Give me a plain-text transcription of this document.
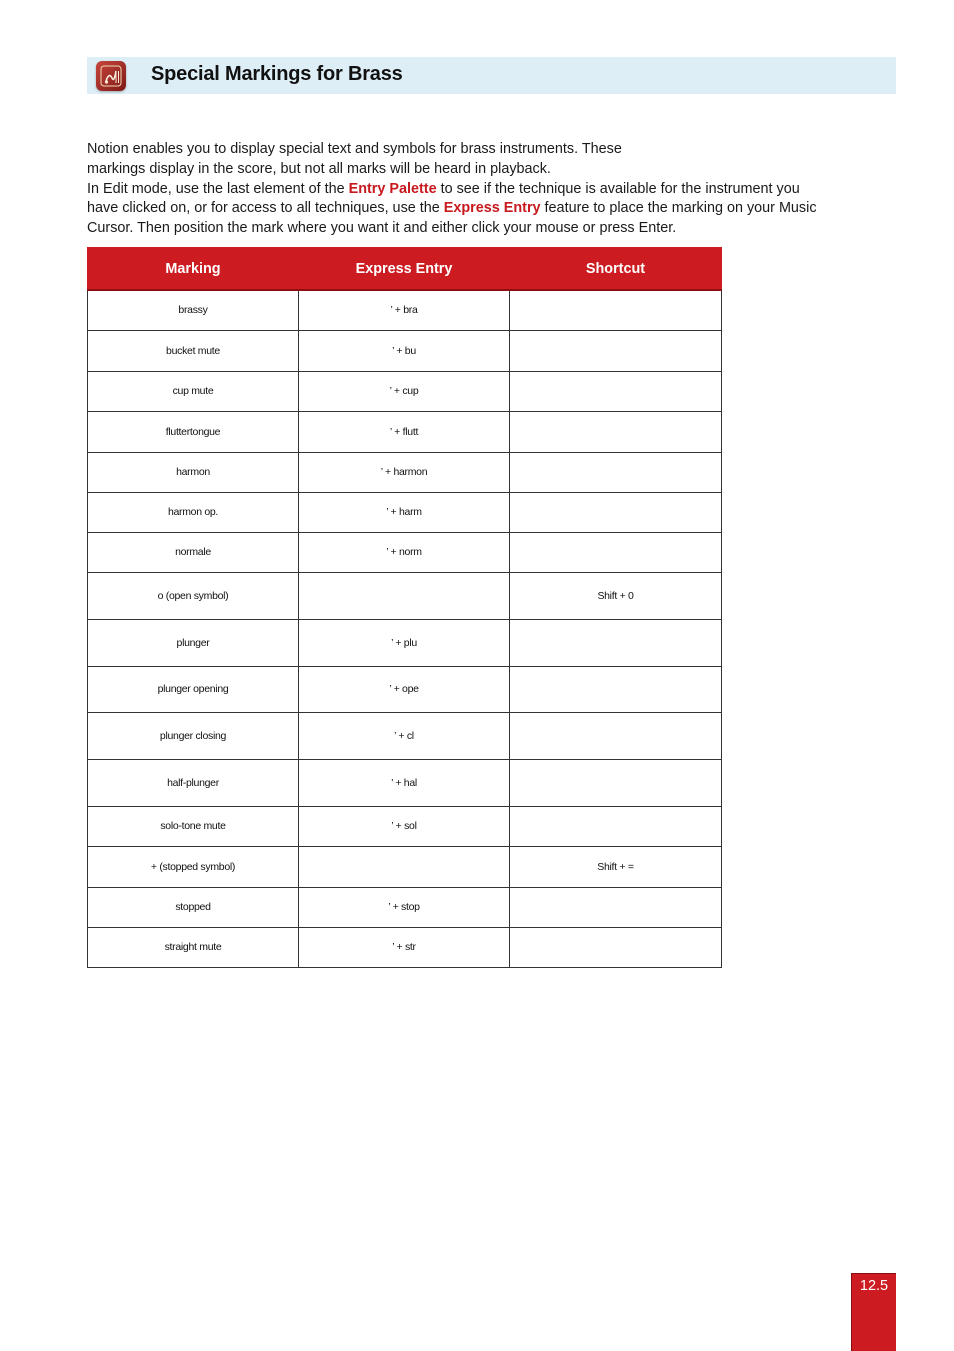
Special Markings for Brass

Notion enables you to display special text and symbols for brass instruments. These

markings display in the score, but not all marks will be heard in playback.

In Edit mode, use the last element of the Entry Palette to see if the technique is available for the instrument you have clicked on, or for access to all techniques, use the Express Entry feature to place the marking on your Music Cursor. Then position the mark where you want it and either click your mouse or press Enter.

Marking	Express Entry	Shortcut
brassy	’ + bra	
bucket mute	’ + bu	
cup mute	’ + cup	
fluttertongue	’ + flutt	
harmon	’ + harmon	
harmon op.	’ + harm	
normale	’ + norm	
o (open symbol)		Shift + 0
plunger	’ + plu	
plunger opening	’ + ope	
plunger closing	’ + cl	
half-plunger	’ + hal	
solo-tone mute	’ + sol	
+ (stopped symbol)		Shift + =
stopped	’ + stop	
straight mute	’ + str	
12.5
